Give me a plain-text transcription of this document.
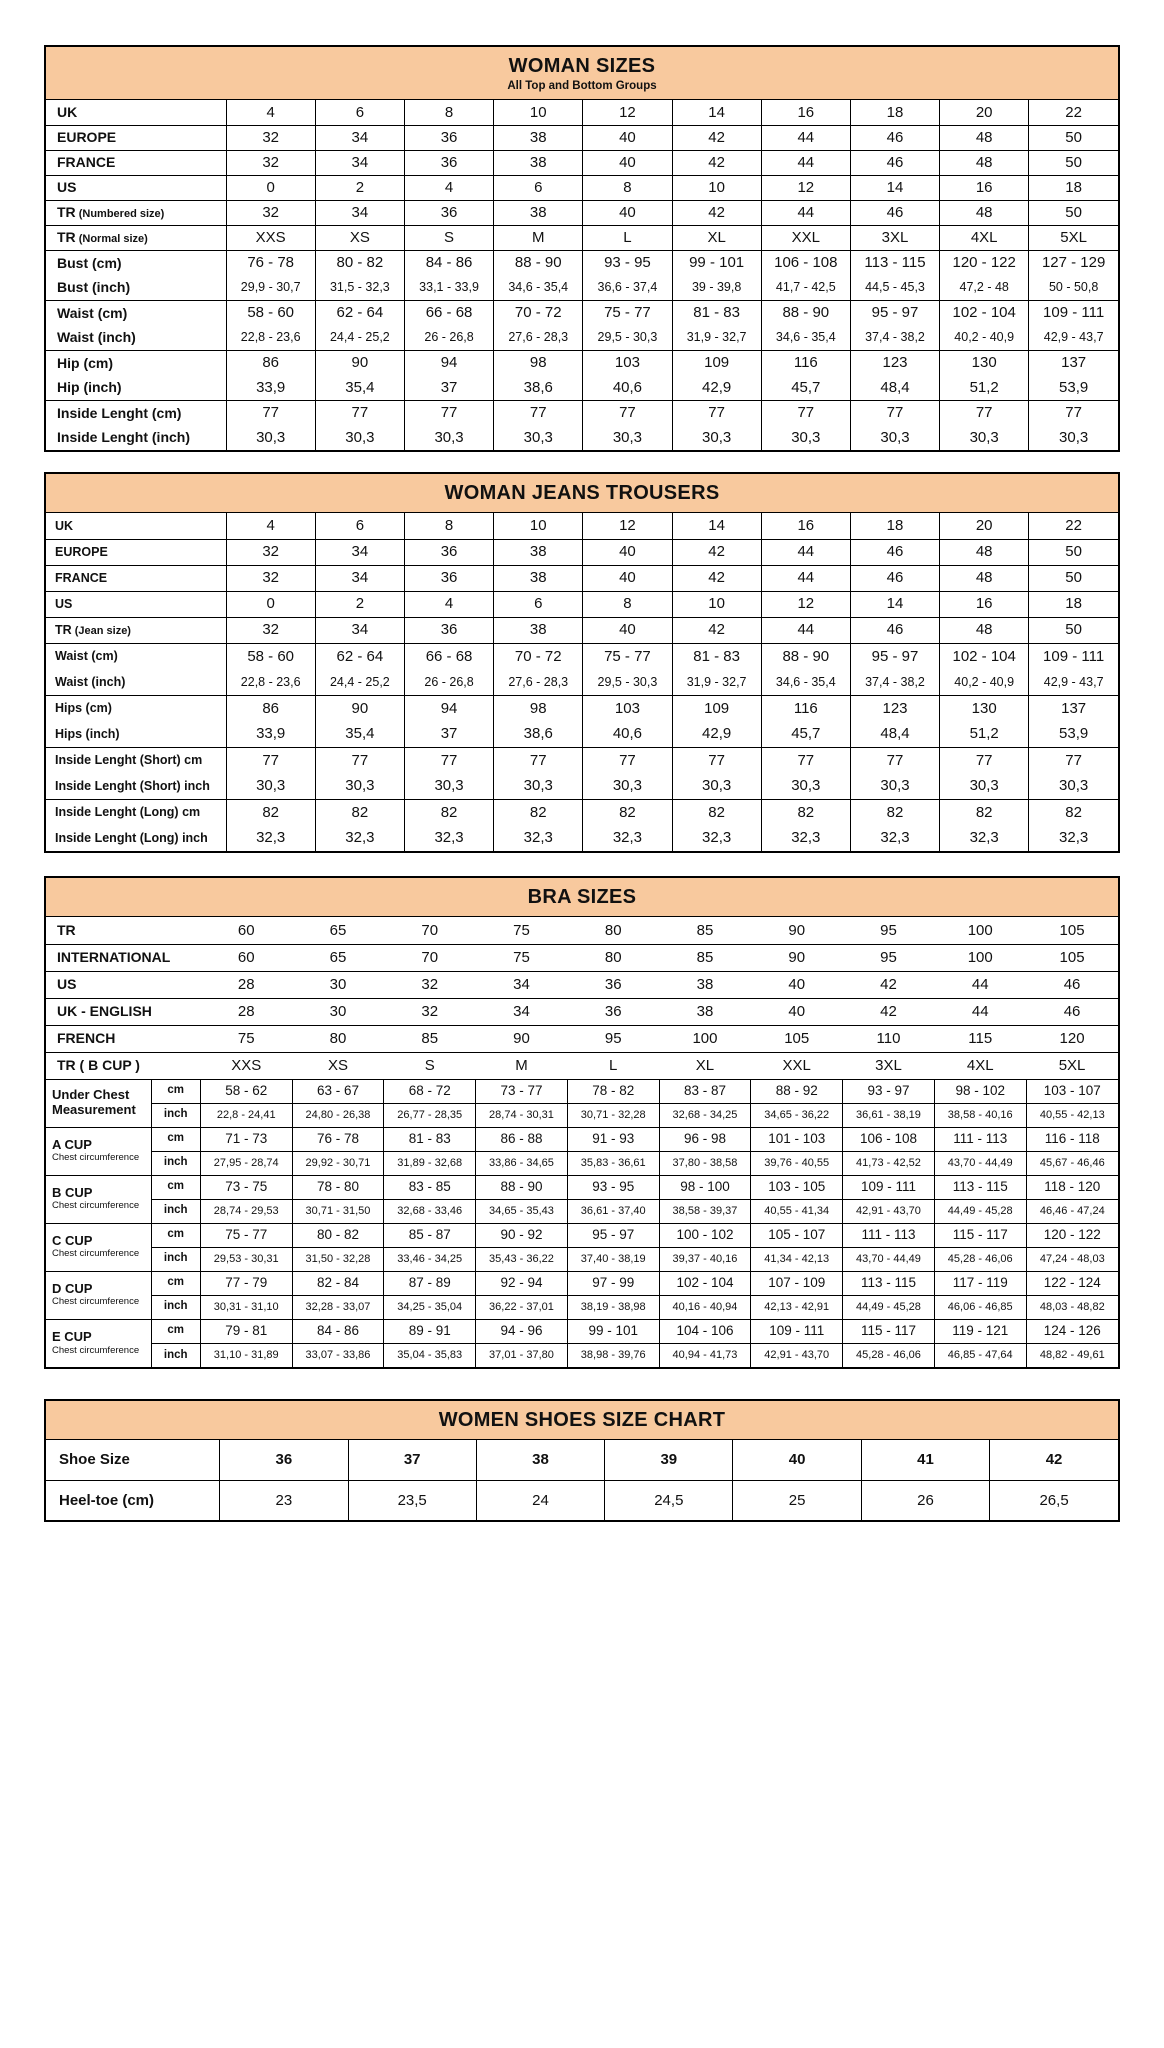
WOMAN SIZES
All Top and Bottom Groups
UK	4	6	8	10	12	14	16	18	20	22
EUROPE	32	34	36	38	40	42	44	46	48	50
FRANCE	32	34	36	38	40	42	44	46	48	50
US	0	2	4	6	8	10	12	14	16	18
TR (Numbered size)	32	34	36	38	40	42	44	46	48	50
TR (Normal size)	XXS	XS	S	M	L	XL	XXL	3XL	4XL	5XL
Bust (cm)	76 - 78	80 - 82	84 - 86	88 - 90	93 - 95	99 - 101	106 - 108	113 - 115	120 - 122	127 - 129
Bust (inch)	29,9 - 30,7	31,5 - 32,3	33,1 - 33,9	34,6 - 35,4	36,6 - 37,4	39 - 39,8	41,7 - 42,5	44,5 - 45,3	47,2 - 48	50 - 50,8
Waist (cm)	58 - 60	62 - 64	66 - 68	70 - 72	75 - 77	81 - 83	88 - 90	95 - 97	102 - 104	109 - 111
Waist (inch)	22,8 - 23,6	24,4 - 25,2	26 - 26,8	27,6 - 28,3	29,5 - 30,3	31,9 - 32,7	34,6 - 35,4	37,4 - 38,2	40,2 - 40,9	42,9 - 43,7
Hip (cm)	86	90	94	98	103	109	116	123	130	137
Hip (inch)	33,9	35,4	37	38,6	40,6	42,9	45,7	48,4	51,2	53,9
Inside Lenght (cm)	77	77	77	77	77	77	77	77	77	77
Inside Lenght (inch)	30,3	30,3	30,3	30,3	30,3	30,3	30,3	30,3	30,3	30,3
WOMAN JEANS TROUSERS
UK	4	6	8	10	12	14	16	18	20	22
EUROPE	32	34	36	38	40	42	44	46	48	50
FRANCE	32	34	36	38	40	42	44	46	48	50
US	0	2	4	6	8	10	12	14	16	18
TR (Jean size)	32	34	36	38	40	42	44	46	48	50
Waist (cm)	58 - 60	62 - 64	66 - 68	70 - 72	75 - 77	81 - 83	88 - 90	95 - 97	102 - 104	109 - 111
Waist (inch)	22,8 - 23,6	24,4 - 25,2	26 - 26,8	27,6 - 28,3	29,5 - 30,3	31,9 - 32,7	34,6 - 35,4	37,4 - 38,2	40,2 - 40,9	42,9 - 43,7
Hips (cm)	86	90	94	98	103	109	116	123	130	137
Hips (inch)	33,9	35,4	37	38,6	40,6	42,9	45,7	48,4	51,2	53,9
Inside Lenght (Short) cm	77	77	77	77	77	77	77	77	77	77
Inside Lenght (Short) inch	30,3	30,3	30,3	30,3	30,3	30,3	30,3	30,3	30,3	30,3
Inside Lenght (Long) cm	82	82	82	82	82	82	82	82	82	82
Inside Lenght (Long) inch	32,3	32,3	32,3	32,3	32,3	32,3	32,3	32,3	32,3	32,3
BRA SIZES
TR		60	65	70	75	80	85	90	95	100	105
INTERNATIONAL		60	65	70	75	80	85	90	95	100	105
US		28	30	32	34	36	38	40	42	44	46
UK - ENGLISH		28	30	32	34	36	38	40	42	44	46
FRENCH		75	80	85	90	95	100	105	110	115	120
TR ( B CUP )		XXS	XS	S	M	L	XL	XXL	3XL	4XL	5XL

Under Chest Measurement	cm	58 - 62	63 - 67	68 - 72	73 - 77	78 - 82	83 - 87	88 - 92	93 - 97	98 - 102	103 - 107
	inch	22,8 - 24,41	24,80 - 26,38	26,77 - 28,35	28,74 - 30,31	30,71 - 32,28	32,68 - 34,25	34,65 - 36,22	36,61 - 38,19	38,58 - 40,16	40,55 - 42,13

A CUP
Chest circumference	cm	71 - 73	76 - 78	81 - 83	86 - 88	91 - 93	96 - 98	101 - 103	106 - 108	111 - 113	116 - 118
	inch	27,95 - 28,74	29,92 - 30,71	31,89 - 32,68	33,86 - 34,65	35,83 - 36,61	37,80 - 38,58	39,76 - 40,55	41,73 - 42,52	43,70 - 44,49	45,67 - 46,46

B CUP
Chest circumference	cm	73 - 75	78 - 80	83 - 85	88 - 90	93 - 95	98 - 100	103 - 105	109 - 111	113 - 115	118 - 120
	inch	28,74 - 29,53	30,71 - 31,50	32,68 - 33,46	34,65 - 35,43	36,61 - 37,40	38,58 - 39,37	40,55 - 41,34	42,91 - 43,70	44,49 - 45,28	46,46 - 47,24

C CUP
Chest circumference	cm	75 - 77	80 - 82	85 - 87	90 - 92	95 - 97	100 - 102	105 - 107	111 - 113	115 - 117	120 - 122
	inch	29,53 - 30,31	31,50 - 32,28	33,46 - 34,25	35,43 - 36,22	37,40 - 38,19	39,37 - 40,16	41,34 - 42,13	43,70 - 44,49	45,28 - 46,06	47,24 - 48,03

D CUP
Chest circumference	cm	77 - 79	82 - 84	87 - 89	92 - 94	97 - 99	102 - 104	107 - 109	113 - 115	117 - 119	122 - 124
	inch	30,31 - 31,10	32,28 - 33,07	34,25 - 35,04	36,22 - 37,01	38,19 - 38,98	40,16 - 40,94	42,13 - 42,91	44,49 - 45,28	46,06 - 46,85	48,03 - 48,82

E CUP
Chest circumference	cm	79 - 81	84 - 86	89 - 91	94 - 96	99 - 101	104 - 106	109 - 111	115 - 117	119 - 121	124 - 126
	inch	31,10 - 31,89	33,07 - 33,86	35,04 - 35,83	37,01 - 37,80	38,98 - 39,76	40,94 - 41,73	42,91 - 43,70	45,28 - 46,06	46,85 - 47,64	48,82 - 49,61
WOMEN SHOES SIZE CHART
Shoe Size	36	37	38	39	40	41	42
Heel-toe (cm)	23	23,5	24	24,5	25	26	26,5
